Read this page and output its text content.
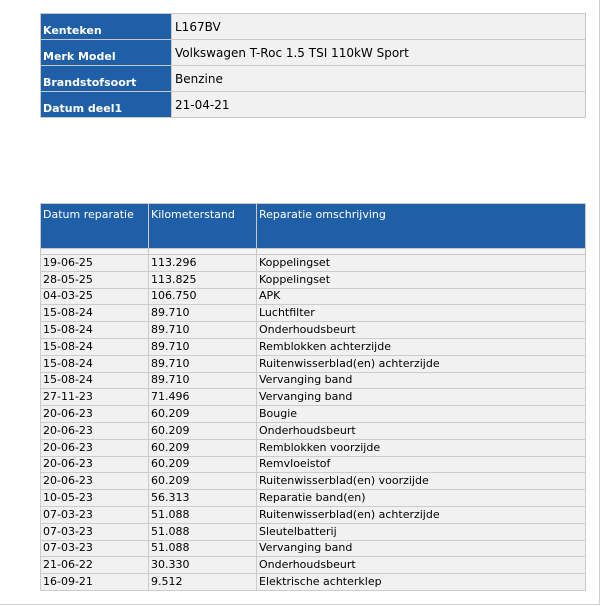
Kenteken	L167BV
Merk Model	Volkswagen T-Roc 1.5 TSI 110kW Sport
Brandstofsoort	Benzine
Datum deel1	21-04-21
Datum reparatie	Kilometerstand	Reparatie omschrijving

19-06-25	113.296	Koppelingset
28-05-25	113.825	Koppelingset
04-03-25	106.750	APK
15-08-24	89.710	Luchtfilter
15-08-24	89.710	Onderhoudsbeurt
15-08-24	89.710	Remblokken achterzijde
15-08-24	89.710	Ruitenwisserblad(en) achterzijde
15-08-24	89.710	Vervanging band
27-11-23	71.496	Vervanging band
20-06-23	60.209	Bougie
20-06-23	60.209	Onderhoudsbeurt
20-06-23	60.209	Remblokken voorzijde
20-06-23	60.209	Remvloeistof
20-06-23	60.209	Ruitenwisserblad(en) voorzijde
10-05-23	56.313	Reparatie band(en)
07-03-23	51.088	Ruitenwisserblad(en) achterzijde
07-03-23	51.088	Sleutelbatterij
07-03-23	51.088	Vervanging band
21-06-22	30.330	Onderhoudsbeurt
16-09-21	9.512	Elektrische achterklep
